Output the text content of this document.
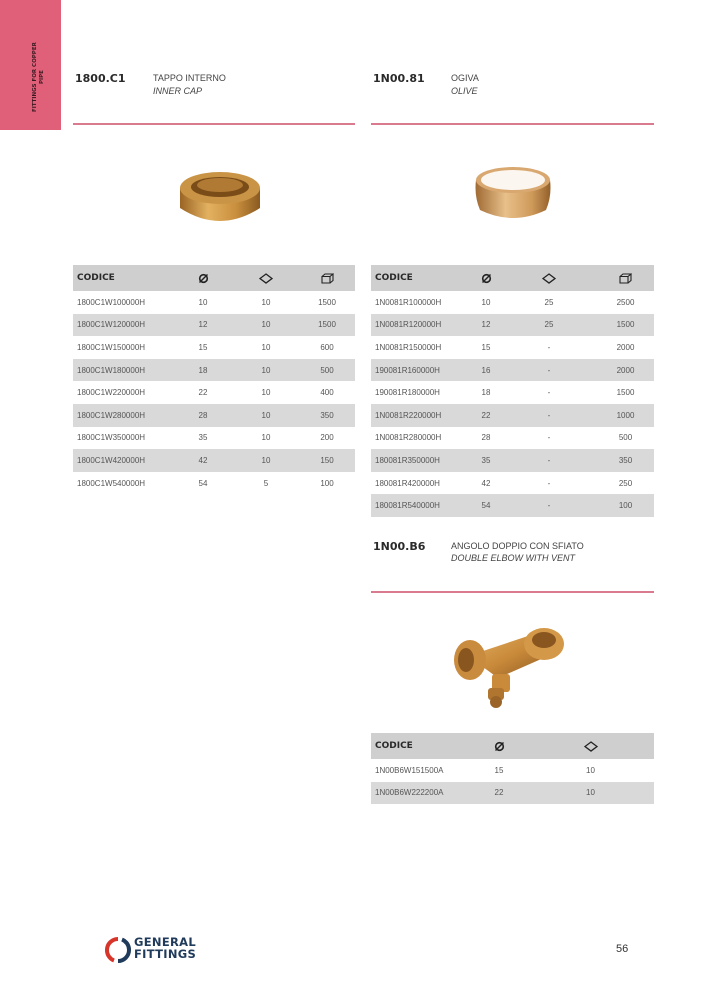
FITTINGS FOR COPPER PIPE	1800.C1	TAPPO INTERNO
INNER CAP
CODICE			
1800C1W100000H	10	10	1500
1800C1W120000H	12	10	1500
1800C1W150000H	15	10	600
1800C1W180000H	18	10	500
1800C1W220000H	22	10	400
1800C1W280000H	28	10	350
1800C1W350000H	35	10	200
1800C1W420000H	42	10	150
1800C1W540000H	54	5	100
1N00.81	OGIVA
OLIVE
CODICE			
1N0081R100000H	10	25	2500
1N0081R120000H	12	25	1500
1N0081R150000H	15	-	2000
190081R160000H	16	-	2000
190081R180000H	18	-	1500
1N0081R220000H	22	-	1000
1N0081R280000H	28	-	500
180081R350000H	35	-	350
180081R420000H	42	-	250
180081R540000H	54	-	100
1N00.B6	ANGOLO DOPPIO CON SFIATO
DOUBLE ELBOW WITH VENT
CODICE		
1N00B6W151500A	15	10
1N00B6W222200A	22	10
GENERAL
FITTINGS	56
